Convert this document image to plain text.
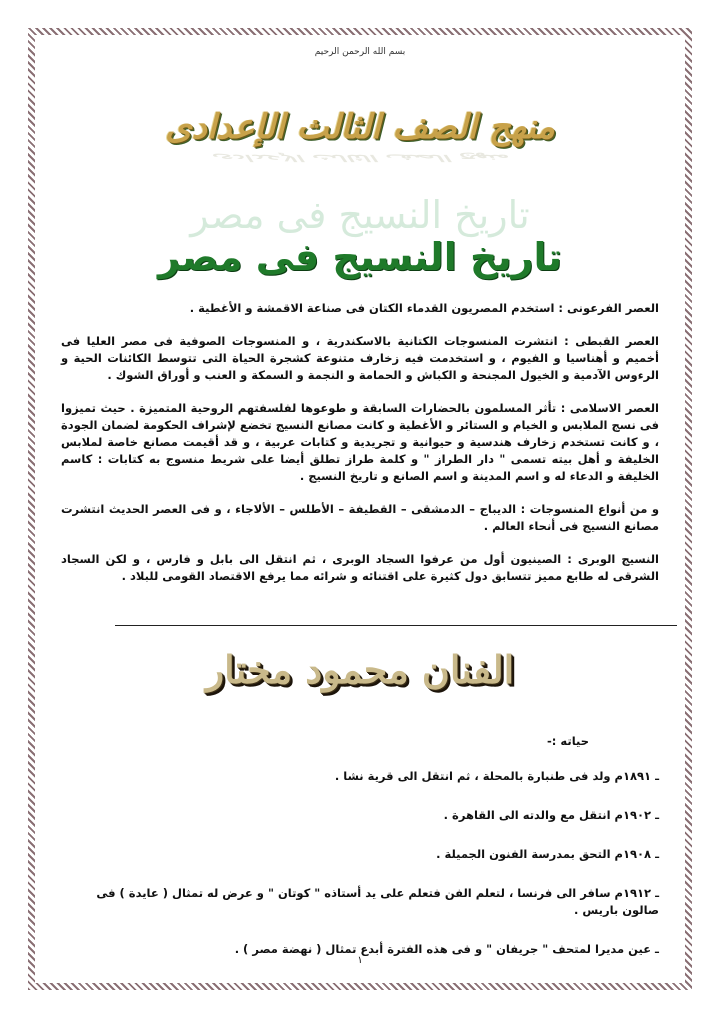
بسم الله الرحمن الرحيم
منهج الصف الثالث الإعدادى
منهج الصف الثالث الإعدادى
تاريخ النسيج فى مصر
تاريخ النسيج فى مصر

العصر الفرعونى : استخدم المصريون القدماء الكتان فى صناعة الاقمشة و الأغطية .

العصر القبطى : انتشرت المنسوجات الكتانية بالاسكندرية ، و المنسوجات الصوفية فى مصر العليا فى أخميم و أهناسيا و الفيوم ، و استخدمت فيه زخارف متنوعة كشجرة الحياة التى تتوسط الكائنات الحية و الرءوس الآدمية و الخيول المجنحة و الكباش و الحمامة و النجمة و السمكة و العنب و أوراق الشوك .

العصر الاسلامى : تأثر المسلمون بالحضارات السابقة و طوعوها لفلسفتهم الروحية المتميزة . حيث تميزوا فى نسج الملابس و الخيام و الستائر و الأغطية و كانت مصانع النسيج تخضع لإشراف الحكومة لضمان الجودة ، و كانت تستخدم زخارف هندسية و حيوانية و تجريدية و كتابات عربية ، و قد أقيمت مصانع خاصة لملابس الخليفة و أهل بيته تسمى " دار الطراز " و كلمة طراز تطلق أيضا على شريط منسوج به كتابات : كاسم الخليفة و الدعاء له و اسم المدينة و اسم الصانع و تاريخ النسيج .

و من أنواع المنسوجات : الديباج – الدمشقى – القطيفة – الأطلس – الألاجاء ، و فى العصر الحديث انتشرت مصانع النسيج فى أنحاء العالم .

النسيج الوبرى : الصينيون أول من عرفوا السجاد الوبرى ، ثم انتقل الى بابل و فارس ، و لكن السجاد الشرقى له طابع مميز تتسابق دول كثيرة على اقتنائه و شرائه مما يرفع الاقتصاد القومى للبلاد .

الفنان محمود مختار
حياته :-
ـ ١٨٩١م ولد فى طنبارة بالمحلة ، ثم انتقل الى قرية نشا .
ـ ١٩٠٢م انتقل مع والدته الى القاهرة .
ـ ١٩٠٨م التحق بمدرسة الفنون الجميلة .
ـ ١٩١٢م سافر الى فرنسا ، لتعلم الفن فتعلم على يد أستاذه " كوتان " و عرض له تمثال ( عايدة ) فى صالون باريس .
ـ عين مديرا لمتحف " جريفان " و فى هذه الفترة أبدع تمثال ( نهضة مصر ) .
١
